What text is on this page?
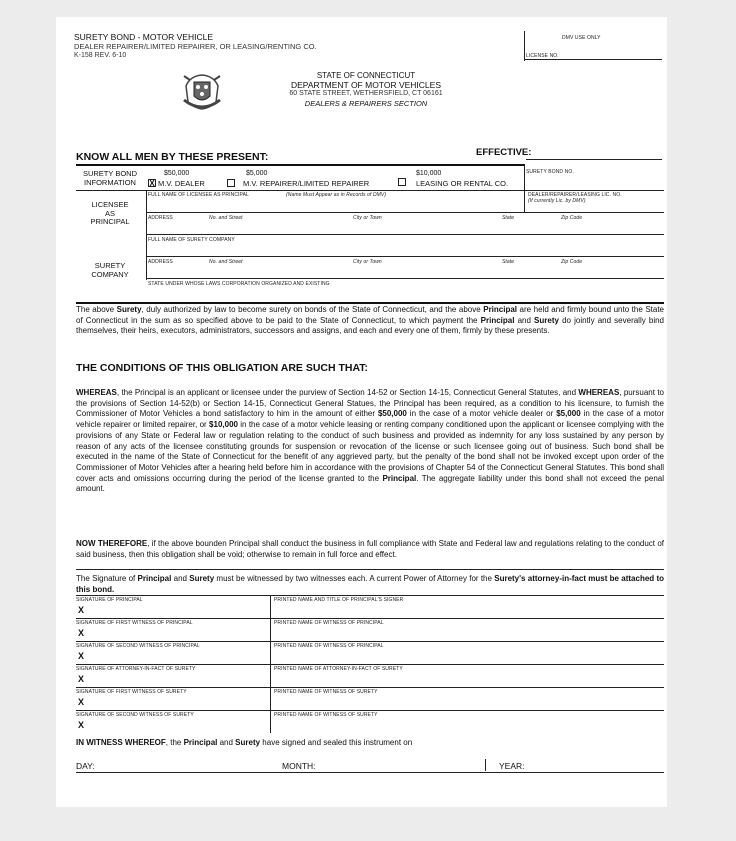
SURETY BOND - MOTOR VEHICLE
DEALER REPAIRER/LIMITED REPAIRER, OR LEASING/RENTING CO.
K-158 REV. 6-10
DMV USE ONLY
LICENSE NO.
STATE OF CONNECTICUT
DEPARTMENT OF MOTOR VEHICLES
60 STATE STREET, WETHERSFIELD, CT 06161
DEALERS & REPAIRERS SECTION
KNOW ALL MEN BY THESE PRESENT:	EFFECTIVE:
SURETY BOND NO.
SURETY BOND
INFORMATION
$50,000
X M.V. DEALER
$5,000
M.V. REPAIRER/LIMITED REPAIRER
$10,000
LEASING OR RENTAL CO.
LICENSEE
AS
PRINCIPAL
FULL NAME OF LICENSEE AS PRINCIPAL	(Name Must Appear as in Records of DMV)	DEALER/REPAIRER/LEASING LIC. NO.
(If currently Lic. by DMV)
ADDRESS	No. and Street	City or Town	State	Zip Code
FULL NAME OF SURETY COMPANY
SURETY
COMPANY
ADDRESS	No. and Street	City or Town	State	Zip Code
STATE UNDER WHOSE LAWS CORPORATION ORGANIZED AND EXISTING
The above Surety, duly authorized by law to become surety on bonds of the State of Connecticut, and the above Principal are held and firmly bound unto the State of Connecticut in the sum as so specified above to be paid to the State of Connecticut, to which payment the Principal and Surety do jointly and severally bind themselves, their heirs, executors, administrators, successors and assigns, and each and every one of them, firmly by these presents.
THE CONDITIONS OF THIS OBLIGATION ARE SUCH THAT:
WHEREAS, the Principal is an applicant or licensee under the purview of Section 14-52 or Section 14-15, Connecticut General Statutes, and WHEREAS, pursuant to the provisions of Section 14-52(b) or Section 14-15, Connecticut General Statues, the Principal has been required, as a condition to his licensure, to furnish the Commissioner of Motor Vehicles a bond satisfactory to him in the amount of either $50,000 in the case of a motor vehicle dealer or $5,000 in the case of a motor vehicle repairer or limited repairer, or $10,000 in the case of a motor vehicle leasing or renting company conditioned upon the applicant or licensee complying with the provisions of any State or Federal law or regulation relating to the conduct of such business and provided as indemnity for any loss sustained by any person by reason of any acts of the licensee constituting grounds for suspension or revocation of the license or such licensee going out of business. Such bond shall be executed in the name of the State of Connecticut for the benefit of any aggrieved party, but the penalty of the bond shall not be invoked except upon order of the Commissioner of Motor Vehicles after a hearing held before him in accordance with the provisions of Chapter 54 of the Connecticut General Statutes. This bond shall cover acts and omissions occurring during the period of the license granted to the Principal. The aggregate liability under this bond shall not exceed the penal amount.
NOW THEREFORE, if the above bounden Principal shall conduct the business in full compliance with State and Federal law and regulations relating to the conduct of said business, then this obligation shall be void; otherwise to remain in full force and effect.
The Signature of Principal and Surety must be witnessed by two witnesses each. A current Power of Attorney for the Surety's attorney-in-fact must be attached to this bond.
SIGNATURE OF PRINCIPAL
X
PRINTED NAME AND TITLE OF PRINCIPAL'S SIGNER
SIGNATURE OF FIRST WITNESS OF PRINCIPAL
X
PRINTED NAME OF WITNESS OF PRINCIPAL
SIGNATURE OF SECOND WITNESS OF PRINCIPAL
X
PRINTED NAME OF WITNESS OF PRINCIPAL
SIGNATURE OF ATTORNEY-IN-FACT OF SURETY
X
PRINTED NAME OF ATTORNEY-IN-FACT OF SURETY
SIGNATURE OF FIRST WITNESS OF SURETY
X
PRINTED NAME OF WITNESS OF SURETY
SIGNATURE OF SECOND WITNESS OF SURETY
X
PRINTED NAME OF WITNESS OF SURETY
IN WITNESS WHEREOF, the Principal and Surety have signed and sealed this instrument on
DAY:	MONTH:	YEAR:
